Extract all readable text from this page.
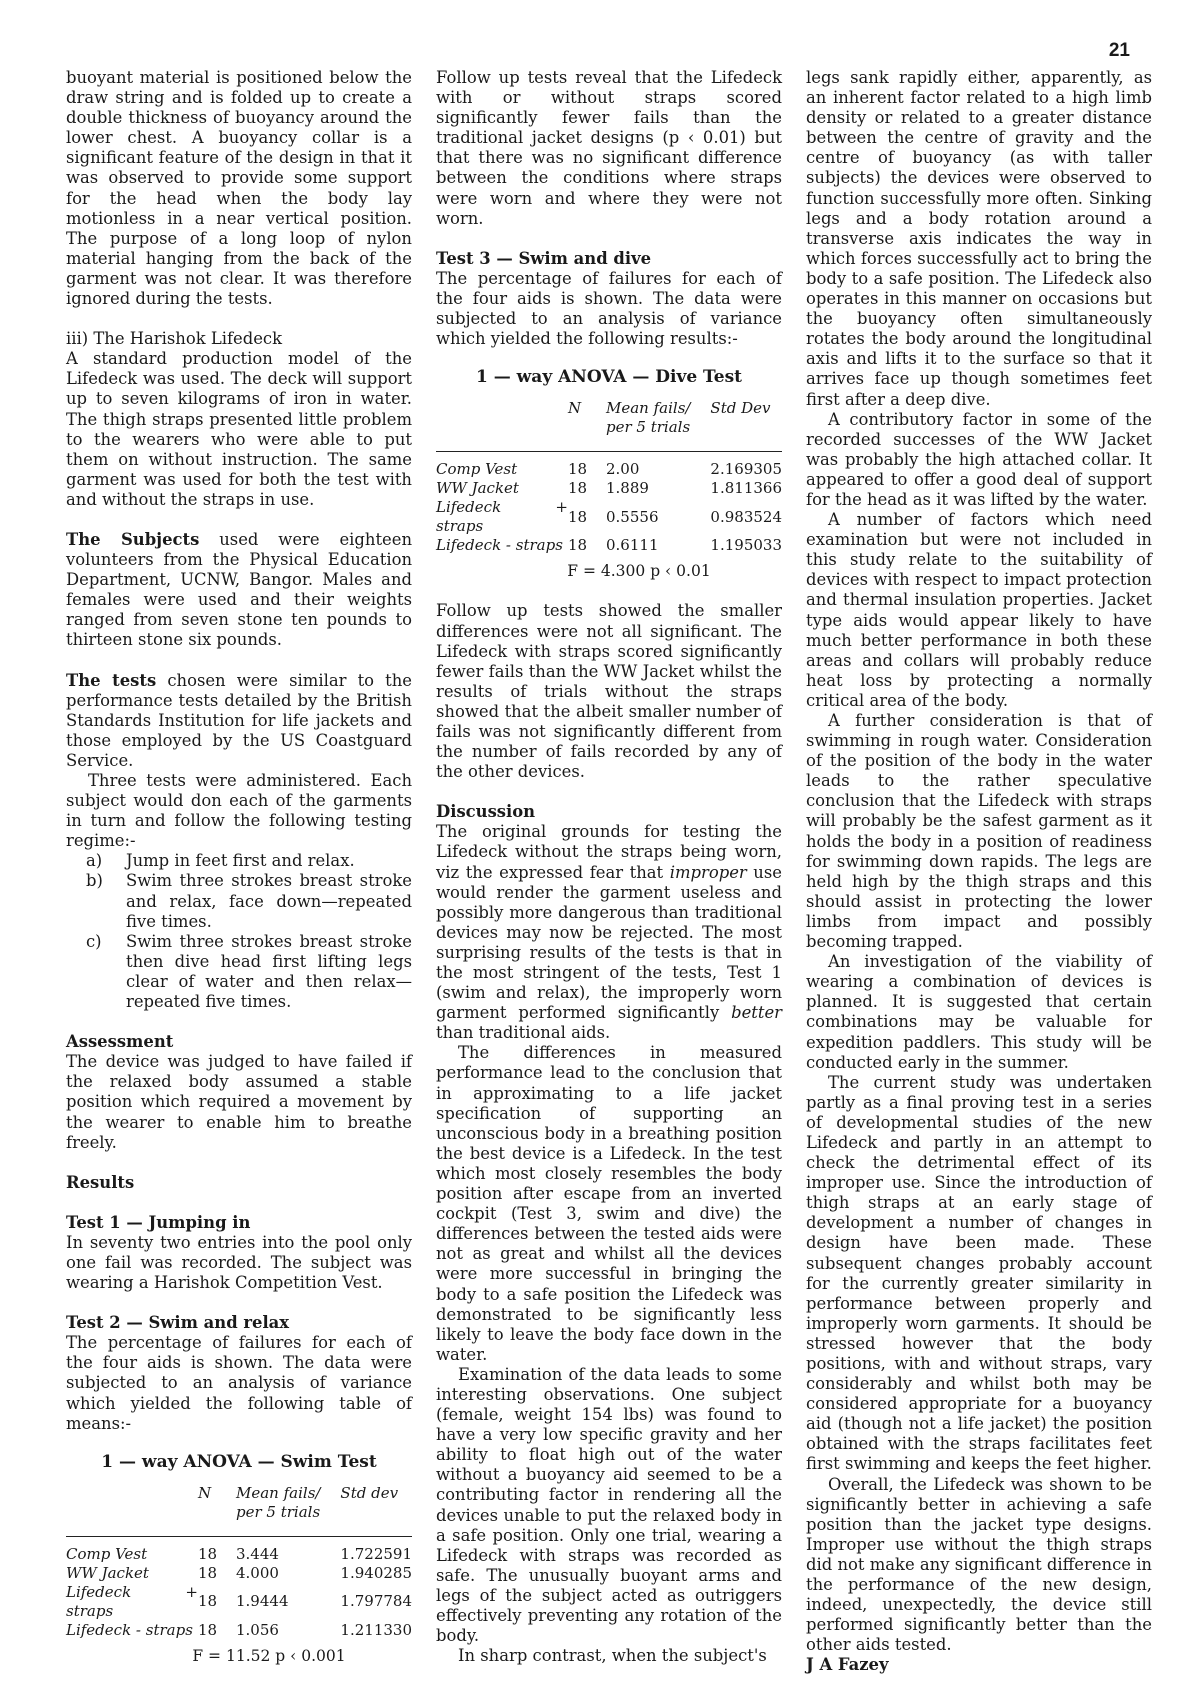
21

buoyant material is positioned below the draw string and is folded up to create a double thickness of buoyancy around the lower chest. A buoyancy collar is a significant feature of the design in that it was observed to provide some support for the head when the body lay motionless in a near vertical position. The purpose of a long loop of nylon material hanging from the back of the garment was not clear. It was therefore ignored during the tests.

iii) The Harishok Lifedeck

A standard production model of the Lifedeck was used. The deck will support up to seven kilograms of iron in water. The thigh straps presented little problem to the wearers who were able to put them on without instruction. The same garment was used for both the test with and without the straps in use.

The Subjects used were eighteen volunteers from the Physical Education Department, UCNW, Bangor. Males and females were used and their weights ranged from seven stone ten pounds to thirteen stone six pounds.

The tests chosen were similar to the performance tests detailed by the British Standards Institution for life jackets and those employed by the US Coastguard Service.

Three tests were administered. Each subject would don each of the garments in turn and follow the following testing regime:-

a)	Jump in feet first and relax.
b)	Swim three strokes breast stroke and relax, face down—repeated five times.
c)	Swim three strokes breast stroke then dive head first lifting legs clear of water and then relax—repeated five times.

Assessment

The device was judged to have failed if the relaxed body assumed a stable position which required a movement by the wearer to enable him to breathe freely.

Results

Test 1 — Jumping in

In seventy two entries into the pool only one fail was recorded. The subject was wearing a Harishok Competition Vest.

Test 2 — Swim and relax

The percentage of failures for each of the four aids is shown. The data were subjected to an analysis of variance which yielded the following table of means:-

1 — way ANOVA — Swim Test
	N	Mean fails/ per 5 trials	Std dev
Comp Vest	18	3.444	1.722591
WW Jacket	18	4.000	1.940285
Lifedeck + straps	18	1.9444	1.797784
Lifedeck - straps	18	1.056	1.211330
F = 11.52 p ‹ 0.001

Follow up tests reveal that the Lifedeck with or without straps scored significantly fewer fails than the traditional jacket designs (p ‹ 0.01) but that there was no significant difference between the conditions where straps were worn and where they were not worn.

Test 3 — Swim and dive

The percentage of failures for each of the four aids is shown. The data were subjected to an analysis of variance which yielded the following results:-

1 — way ANOVA — Dive Test
	N	Mean fails/ per 5 trials	Std Dev
Comp Vest	18	2.00	2.169305
WW Jacket	18	1.889	1.811366
Lifedeck + straps	18	0.5556	0.983524
Lifedeck - straps	18	0.6111	1.195033
F = 4.300 p ‹ 0.01

Follow up tests showed the smaller differences were not all significant. The Lifedeck with straps scored significantly fewer fails than the WW Jacket whilst the results of trials without the straps showed that the albeit smaller number of fails was not significantly different from the number of fails recorded by any of the other devices.

Discussion

The original grounds for testing the Lifedeck without the straps being worn, viz the expressed fear that improper use would render the garment useless and possibly more dangerous than traditional devices may now be rejected. The most surprising results of the tests is that in the most stringent of the tests, Test 1 (swim and relax), the improperly worn garment performed significantly better than traditional aids.

The differences in measured performance lead to the conclusion that in approximating to a life jacket specification of supporting an unconscious body in a breathing position the best device is a Lifedeck. In the test which most closely resembles the body position after escape from an inverted cockpit (Test 3, swim and dive) the differences between the tested aids were not as great and whilst all the devices were more successful in bringing the body to a safe position the Lifedeck was demonstrated to be significantly less likely to leave the body face down in the water.

Examination of the data leads to some interesting observations. One subject (female, weight 154 lbs) was found to have a very low specific gravity and her ability to float high out of the water without a buoyancy aid seemed to be a contributing factor in rendering all the devices unable to put the relaxed body in a safe position. Only one trial, wearing a Lifedeck with straps was recorded as safe. The unusually buoyant arms and legs of the subject acted as outriggers effectively preventing any rotation of the body.

In sharp contrast, when the subject's

legs sank rapidly either, apparently, as an inherent factor related to a high limb density or related to a greater distance between the centre of gravity and the centre of buoyancy (as with taller subjects) the devices were observed to function successfully more often. Sinking legs and a body rotation around a transverse axis indicates the way in which forces successfully act to bring the body to a safe position. The Lifedeck also operates in this manner on occasions but the buoyancy often simultaneously rotates the body around the longitudinal axis and lifts it to the surface so that it arrives face up though sometimes feet first after a deep dive.

A contributory factor in some of the recorded successes of the WW Jacket was probably the high attached collar. It appeared to offer a good deal of support for the head as it was lifted by the water.

A number of factors which need examination but were not included in this study relate to the suitability of devices with respect to impact protection and thermal insulation properties. Jacket type aids would appear likely to have much better performance in both these areas and collars will probably reduce heat loss by protecting a normally critical area of the body.

A further consideration is that of swimming in rough water. Consideration of the position of the body in the water leads to the rather speculative conclusion that the Lifedeck with straps will probably be the safest garment as it holds the body in a position of readiness for swimming down rapids. The legs are held high by the thigh straps and this should assist in protecting the lower limbs from impact and possibly becoming trapped.

An investigation of the viability of wearing a combination of devices is planned. It is suggested that certain combinations may be valuable for expedition paddlers. This study will be conducted early in the summer.

The current study was undertaken partly as a final proving test in a series of developmental studies of the new Lifedeck and partly in an attempt to check the detrimental effect of its improper use. Since the introduction of thigh straps at an early stage of development a number of changes in design have been made. These subsequent changes probably account for the currently greater similarity in performance between properly and improperly worn garments. It should be stressed however that the body positions, with and without straps, vary considerably and whilst both may be considered appropriate for a buoyancy aid (though not a life jacket) the position obtained with the straps facilitates feet first swimming and keeps the feet higher.

Overall, the Lifedeck was shown to be significantly better in achieving a safe position than the jacket type designs. Improper use without the thigh straps did not make any significant difference in the performance of the new design, indeed, unexpectedly, the device still performed significantly better than the other aids tested.

J A Fazey
